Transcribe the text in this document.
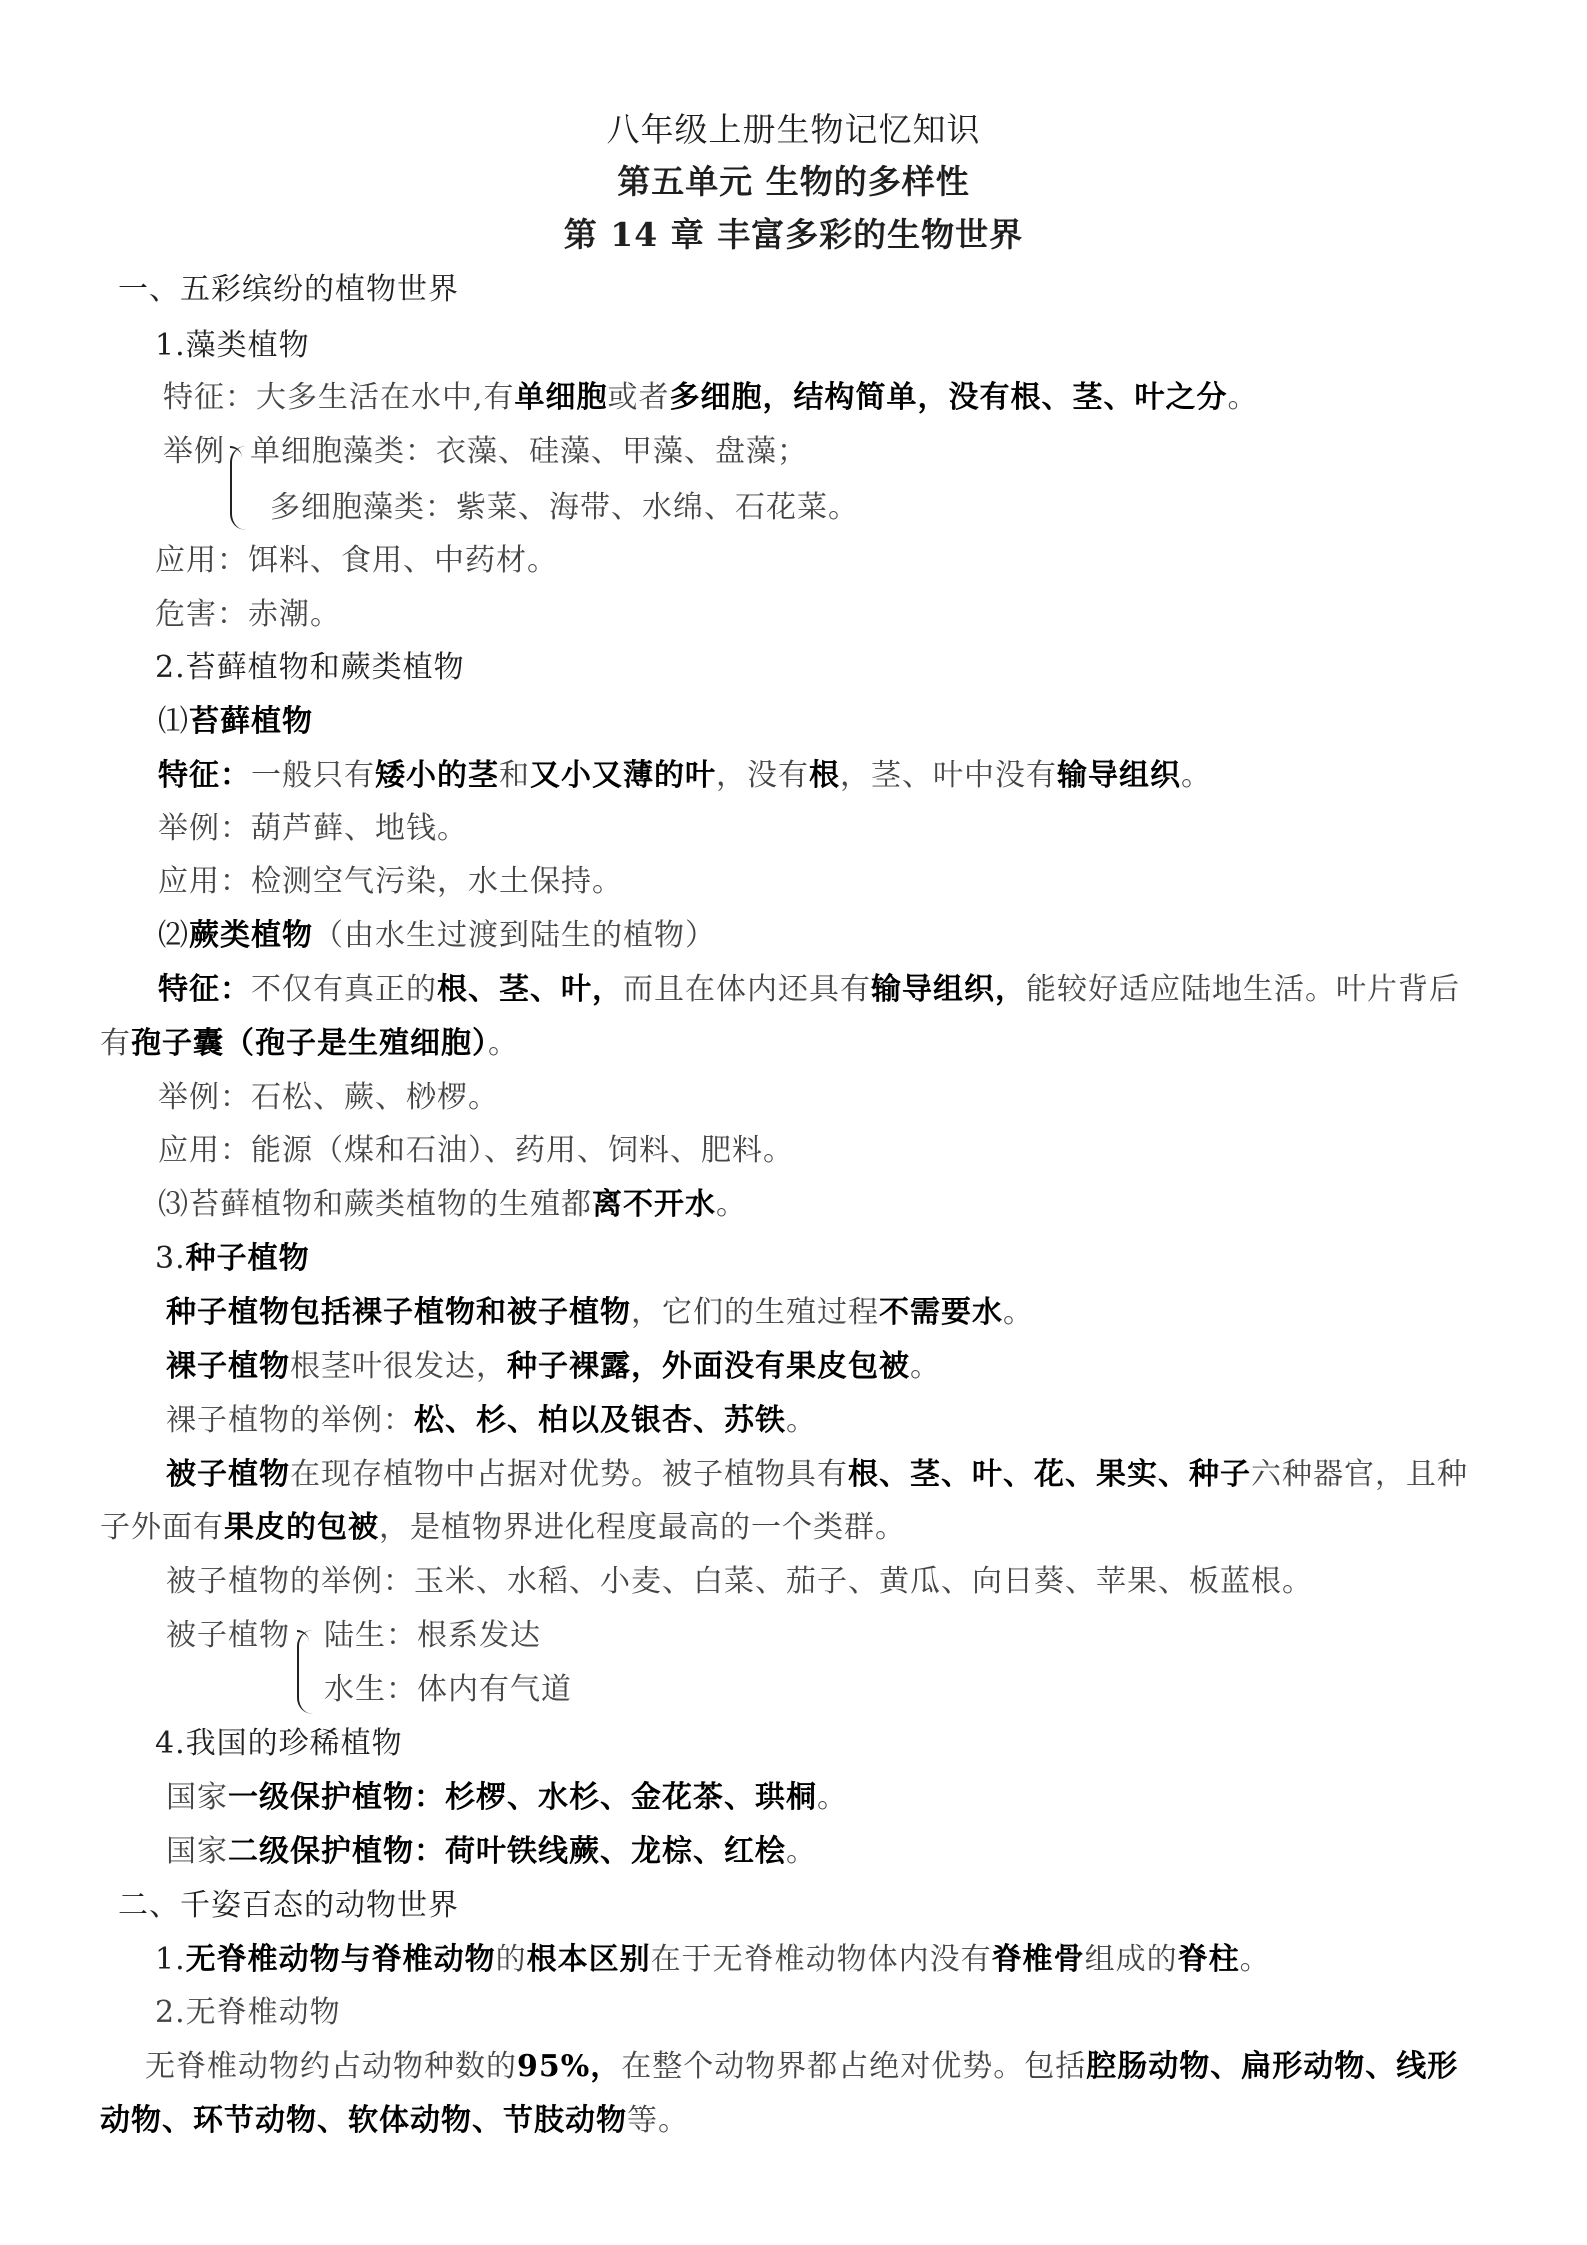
八年级上册生物记忆知识
第五单元 生物的多样性
第 14 章 丰富多彩的生物世界
一、五彩缤纷的植物世界
1.藻类植物
特征：大多生活在水中,有单细胞或者多细胞，结构简单，没有根、茎、叶之分。
举例 单细胞藻类：衣藻、硅藻、甲藻、盘藻；
多细胞藻类：紫菜、海带、水绵、石花菜。
应用：饵料、食用、中药材。
危害：赤潮。
2.苔藓植物和蕨类植物
⑴苔藓植物
特征：一般只有矮小的茎和又小又薄的叶，没有根，茎、叶中没有输导组织。
举例：葫芦藓、地钱。
应用：检测空气污染，水土保持。
⑵蕨类植物（由水生过渡到陆生的植物）
特征：不仅有真正的根、茎、叶，而且在体内还具有输导组织，能较好适应陆地生活。叶片背后
有孢子囊（孢子是生殖细胞）。
举例：石松、蕨、桫椤。
应用：能源（煤和石油）、药用、饲料、肥料。
⑶苔藓植物和蕨类植物的生殖都离不开水。
3.种子植物
种子植物包括裸子植物和被子植物，它们的生殖过程不需要水。
裸子植物根茎叶很发达，种子裸露，外面没有果皮包被。
裸子植物的举例：松、杉、柏以及银杏、苏铁。
被子植物在现存植物中占据对优势。被子植物具有根、茎、叶、花、果实、种子六种器官，且种
子外面有果皮的包被，是植物界进化程度最高的一个类群。
被子植物的举例：玉米、水稻、小麦、白菜、茄子、黄瓜、向日葵、苹果、板蓝根。
被子植物 陆生：根系发达
水生：体内有气道
4.我国的珍稀植物
国家一级保护植物：杉椤、水杉、金花茶、珙桐。
国家二级保护植物：荷叶铁线蕨、龙棕、红桧。
二、千姿百态的动物世界
1.无脊椎动物与脊椎动物的根本区别在于无脊椎动物体内没有脊椎骨组成的脊柱。
2.无脊椎动物
无脊椎动物约占动物种数的95%，在整个动物界都占绝对优势。包括腔肠动物、扁形动物、线形
动物、环节动物、软体动物、节肢动物等。
